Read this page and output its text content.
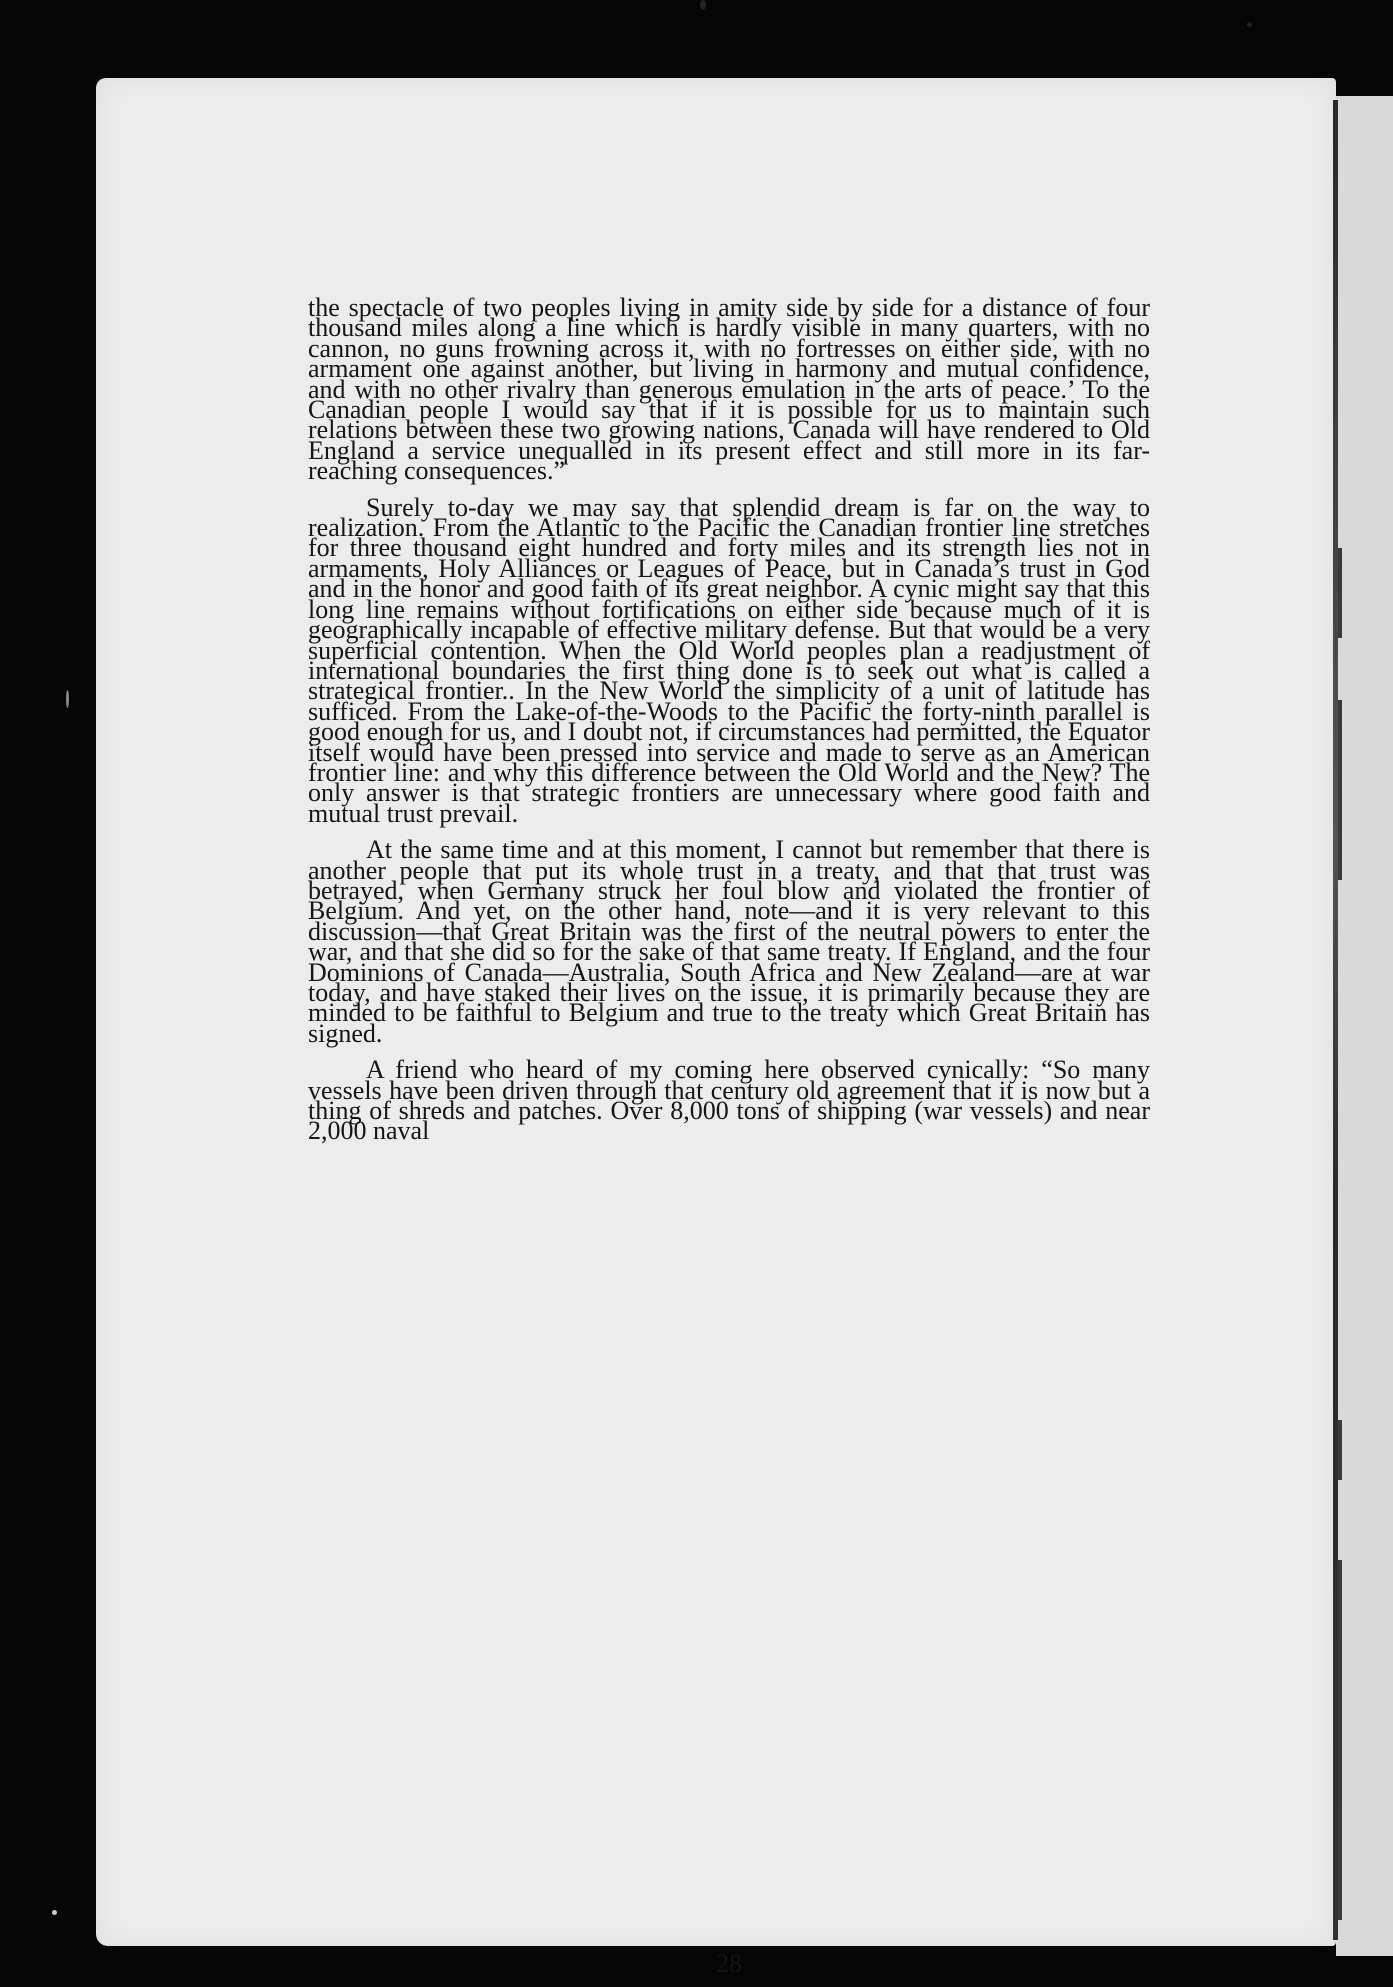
the spectacle of two peoples living in amity side by side for a distance of four thousand miles along a line which is hardly visible in many quarters, with no cannon, no guns frowning across it, with no fortresses on either side, with no armament one against another, but living in harmony and mutual confidence, and with no other rivalry than generous emulation in the arts of peace.’ To the Canadian people I would say that if it is possible for us to maintain such relations between these two growing nations, Canada will have rendered to Old England a service unequalled in its present effect and still more in its far-reaching consequences.”

Surely to-day we may say that splendid dream is far on the way to realization. From the Atlantic to the Pacific the Canadian frontier line stretches for three thousand eight hundred and forty miles and its strength lies not in armaments, Holy Alliances or Leagues of Peace, but in Canada’s trust in God and in the honor and good faith of its great neighbor. A cynic might say that this long line remains without fortifications on either side because much of it is geographically incapable of effective military defense. But that would be a very superficial contention. When the Old World peoples plan a readjustment of international boundaries the first thing done is to seek out what is called a strategical frontier.. In the New World the simplicity of a unit of latitude has sufficed. From the Lake-of-the-Woods to the Pacific the forty-ninth parallel is good enough for us, and I doubt not, if circumstances had permitted, the Equator itself would have been pressed into service and made to serve as an American frontier line: and why this difference between the Old World and the New? The only answer is that strategic frontiers are unnecessary where good faith and mutual trust prevail.

At the same time and at this moment, I cannot but remember that there is another people that put its whole trust in a treaty, and that that trust was betrayed, when Germany struck her foul blow and violated the frontier of Belgium. And yet, on the other hand, note—and it is very relevant to this discussion—that Great Britain was the first of the neutral powers to enter the war, and that she did so for the sake of that same treaty. If England, and the four Dominions of Canada—Australia, South Africa and New Zealand—are at war today, and have staked their lives on the issue, it is primarily because they are minded to be faithful to Belgium and true to the treaty which Great Britain has signed.

A friend who heard of my coming here observed cynically: “So many vessels have been driven through that century old agreement that it is now but a thing of shreds and patches. Over 8,000 tons of shipping (war vessels) and near 2,000 naval

28
